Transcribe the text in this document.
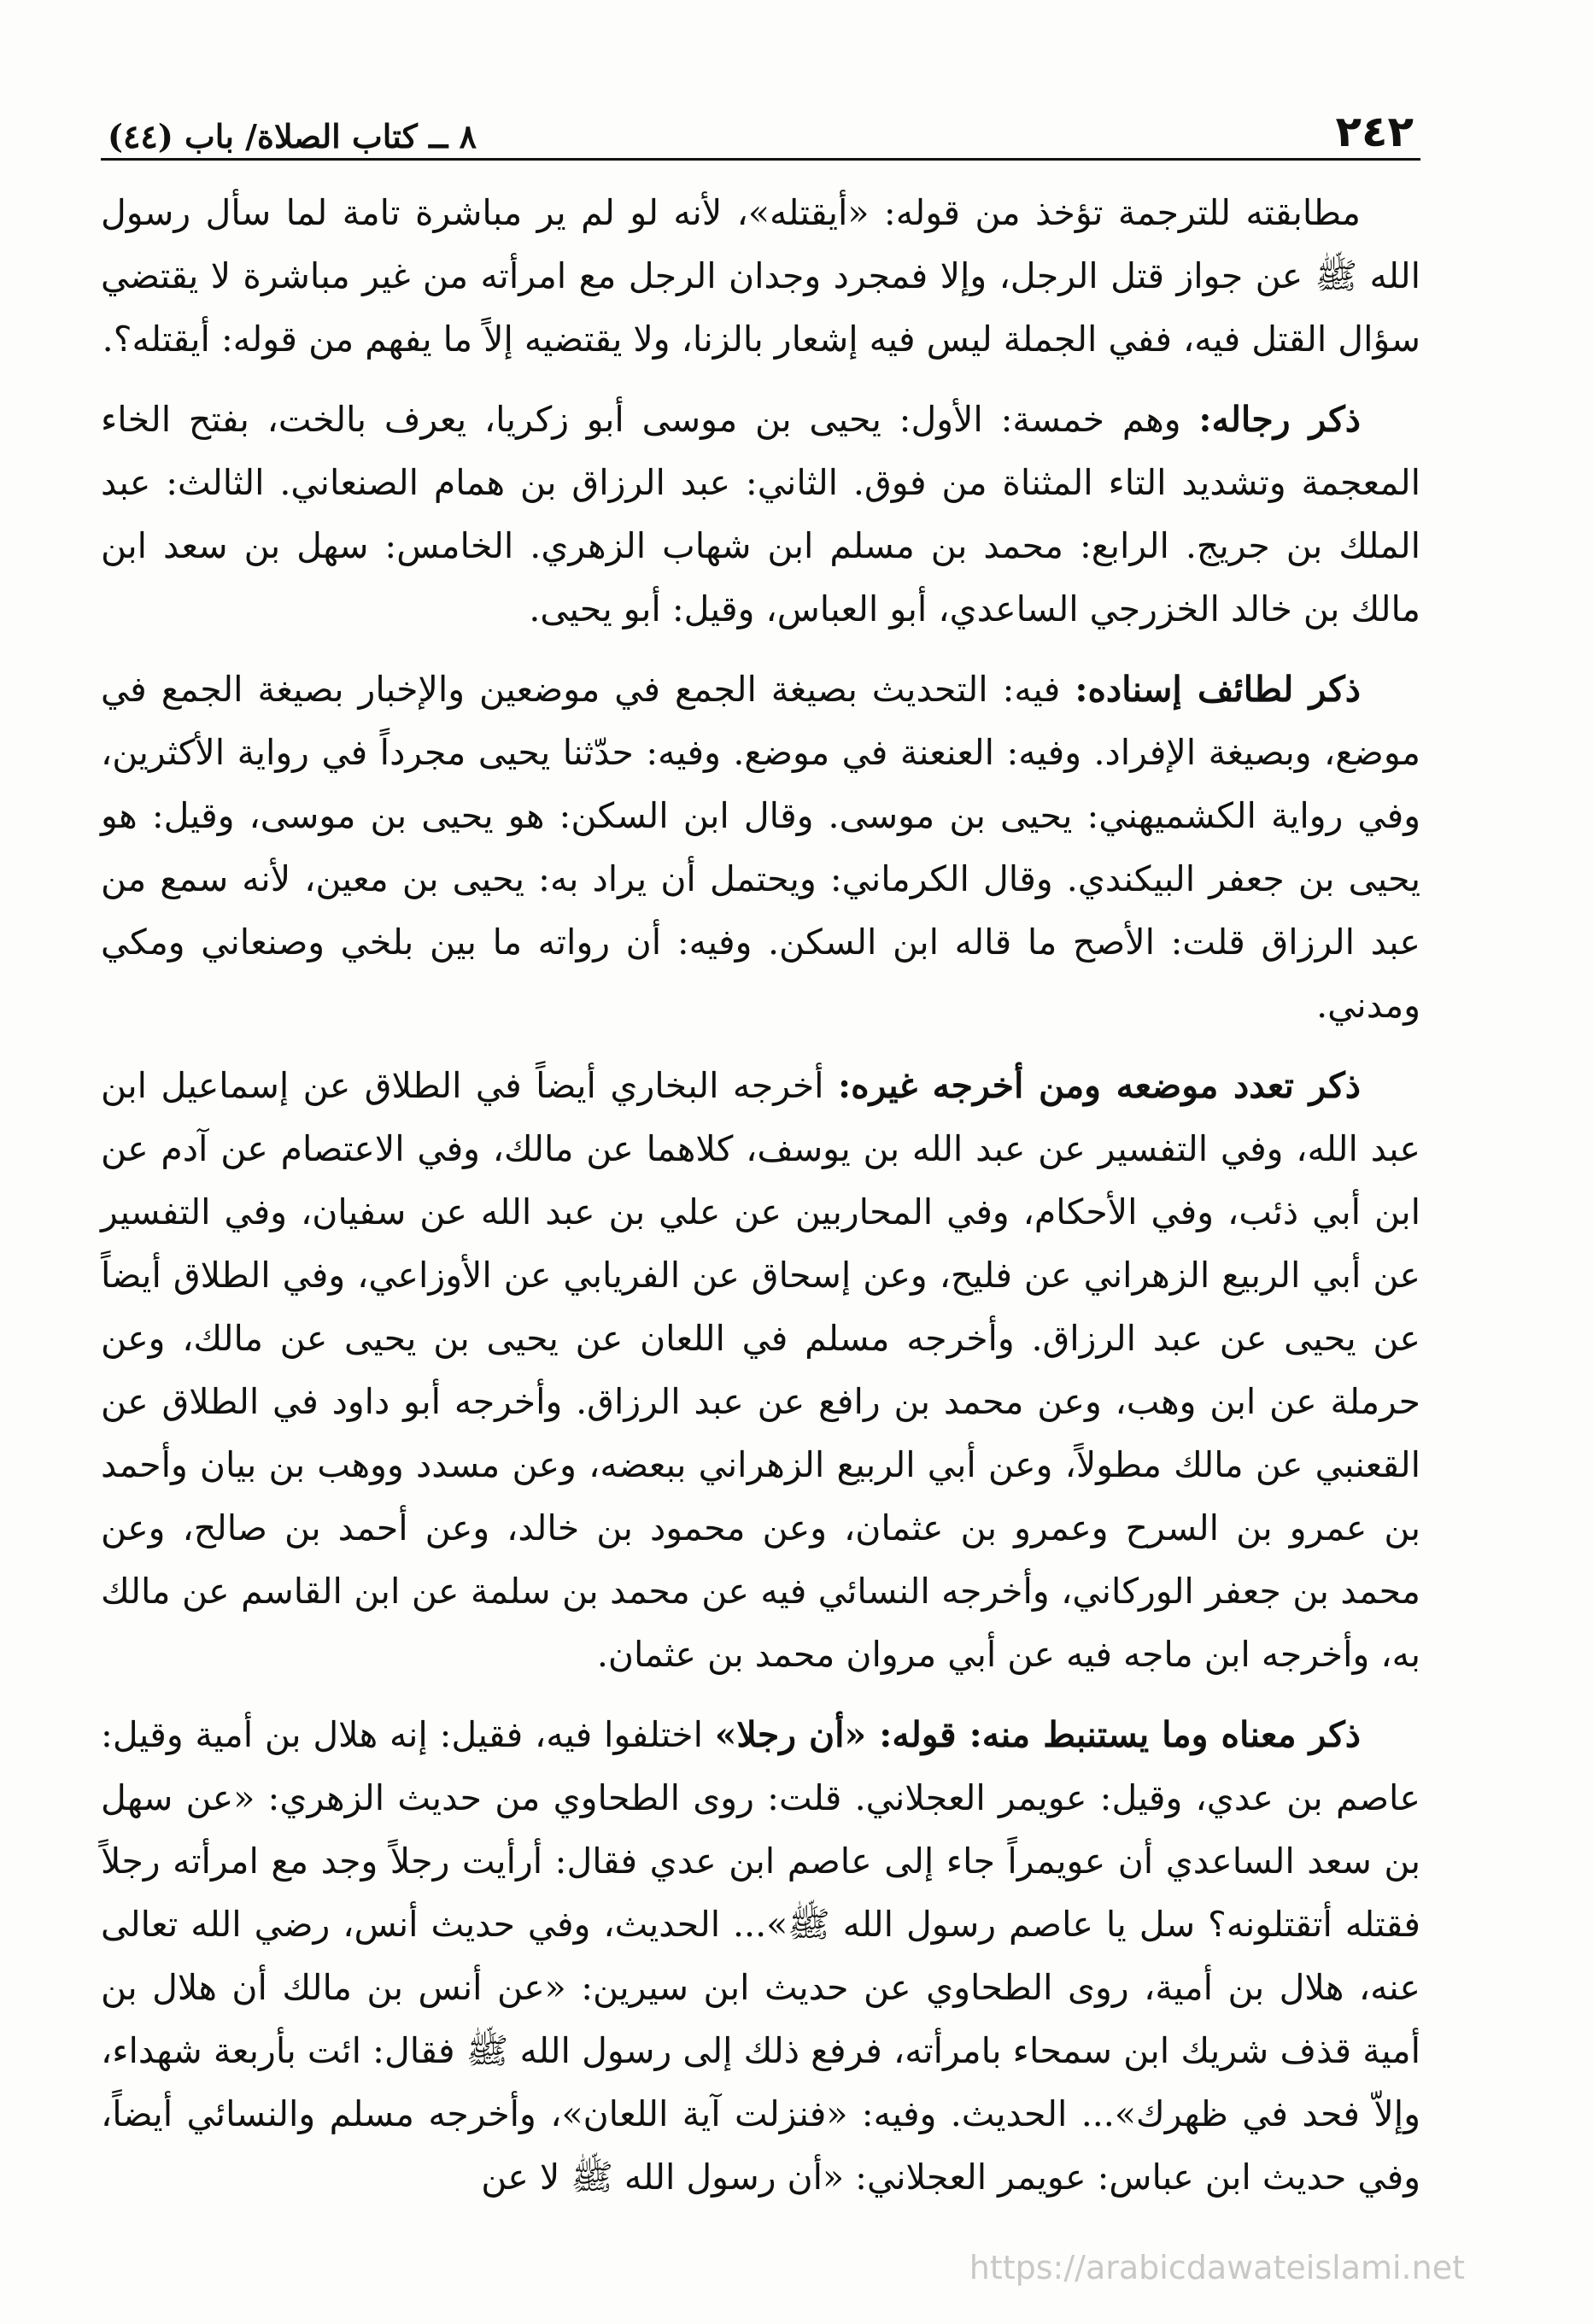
٢٤٢
٨ ــ كتاب الصلاة/ باب (٤٤)

مطابقته للترجمة تؤخذ من قوله: «أيقتله»، لأنه لو لم ير مباشرة تامة لما سأل رسول الله ﷺ عن جواز قتل الرجل، وإلا فمجرد وجدان الرجل مع امرأته من غير مباشرة لا يقتضي سؤال القتل فيه، ففي الجملة ليس فيه إشعار بالزنا، ولا يقتضيه إلاً ما يفهم من قوله: أيقتله؟.

ذكر رجاله: وهم خمسة: الأول: يحيى بن موسى أبو زكريا، يعرف بالخت، بفتح الخاء المعجمة وتشديد التاء المثناة من فوق. الثاني: عبد الرزاق بن همام الصنعاني. الثالث: عبد الملك بن جريج. الرابع: محمد بن مسلم ابن شهاب الزهري. الخامس: سهل بن سعد ابن مالك بن خالد الخزرجي الساعدي، أبو العباس، وقيل: أبو يحيى.

ذكر لطائف إسناده: فيه: التحديث بصيغة الجمع في موضعين والإخبار بصيغة الجمع في موضع، وبصيغة الإفراد. وفيه: العنعنة في موضع. وفيه: حدّثنا يحيى مجرداً في رواية الأكثرين، وفي رواية الكشميهني: يحيى بن موسى. وقال ابن السكن: هو يحيى بن موسى، وقيل: هو يحيى بن جعفر البيكندي. وقال الكرماني: ويحتمل أن يراد به: يحيى بن معين، لأنه سمع من عبد الرزاق قلت: الأصح ما قاله ابن السكن. وفيه: أن رواته ما بين بلخي وصنعاني ومكي ومدني.

ذكر تعدد موضعه ومن أخرجه غيره: أخرجه البخاري أيضاً في الطلاق عن إسماعيل ابن عبد الله، وفي التفسير عن عبد الله بن يوسف، كلاهما عن مالك، وفي الاعتصام عن آدم عن ابن أبي ذئب، وفي الأحكام، وفي المحاربين عن علي بن عبد الله عن سفيان، وفي التفسير عن أبي الربيع الزهراني عن فليح، وعن إسحاق عن الفريابي عن الأوزاعي، وفي الطلاق أيضاً عن يحيى عن عبد الرزاق. وأخرجه مسلم في اللعان عن يحيى بن يحيى عن مالك، وعن حرملة عن ابن وهب، وعن محمد بن رافع عن عبد الرزاق. وأخرجه أبو داود في الطلاق عن القعنبي عن مالك مطولاً، وعن أبي الربيع الزهراني ببعضه، وعن مسدد ووهب بن بيان وأحمد بن عمرو بن السرح وعمرو بن عثمان، وعن محمود بن خالد، وعن أحمد بن صالح، وعن محمد بن جعفر الوركاني، وأخرجه النسائي فيه عن محمد بن سلمة عن ابن القاسم عن مالك به، وأخرجه ابن ماجه فيه عن أبي مروان محمد بن عثمان.

ذكر معناه وما يستنبط منه: قوله: «أن رجلا» اختلفوا فيه، فقيل: إنه هلال بن أمية وقيل: عاصم بن عدي، وقيل: عويمر العجلاني. قلت: روى الطحاوي من حديث الزهري: «عن سهل بن سعد الساعدي أن عويمراً جاء إلى عاصم ابن عدي فقال: أرأيت رجلاً وجد مع امرأته رجلاً فقتله أتقتلونه؟ سل يا عاصم رسول الله ﷺ»... الحديث، وفي حديث أنس، رضي الله تعالى عنه، هلال بن أمية، روى الطحاوي عن حديث ابن سيرين: «عن أنس بن مالك أن هلال بن أمية قذف شريك ابن سمحاء بامرأته، فرفع ذلك إلى رسول الله ﷺ فقال: ائت بأربعة شهداء، وإلاّ فحد في ظهرك»... الحديث. وفيه: «فنزلت آية اللعان»، وأخرجه مسلم والنسائي أيضاً، وفي حديث ابن عباس: عويمر العجلاني: «أن رسول الله ﷺ لا عن

https://arabicdawateislami.net
